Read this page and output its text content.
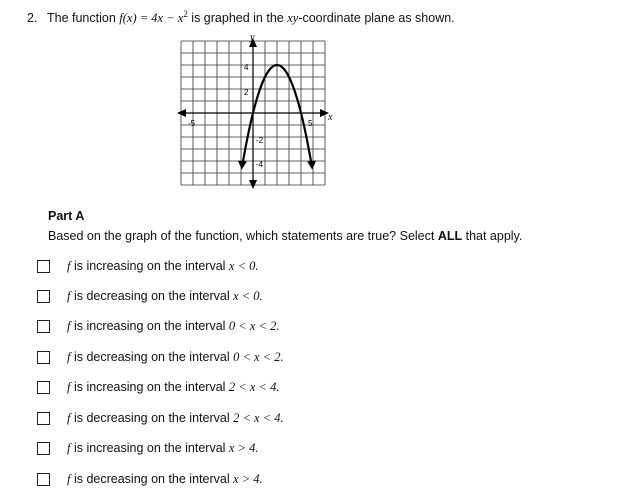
2. The function $f(x) = 4x - x^2$ is graphed in the xy-coordinate plane as shown.
y
x
-5	5
4
2
-2
-4
Part A
Based on the graph of the function, which statements are true? Select ALL that apply.
f is increasing on the interval x < 0.
f is decreasing on the interval x < 0.
f is increasing on the interval 0 < x < 2.
f is decreasing on the interval 0 < x < 2.
f is increasing on the interval 2 < x < 4.
f is decreasing on the interval 2 < x < 4.
f is increasing on the interval x > 4.
f is decreasing on the interval x > 4.
